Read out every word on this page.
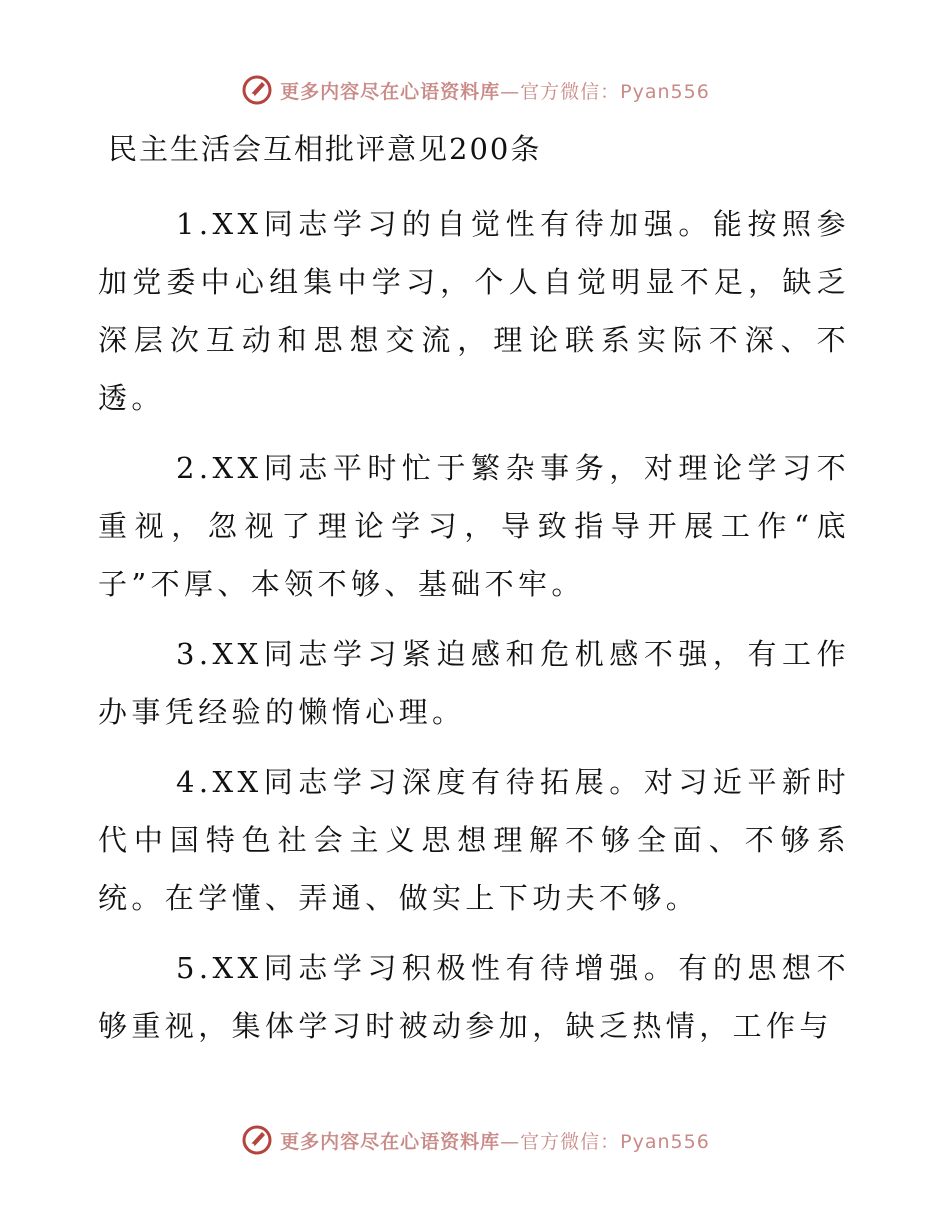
更多内容尽在心语资料库—官方微信：Pyan556
民主生活会互相批评意见200条

1.XX同志学习的自觉性有待加强。能按照参加党委中心组集中学习，个人自觉明显不足，缺乏深层次互动和思想交流，理论联系实际不深、不透。

2.XX同志平时忙于繁杂事务，对理论学习不重视，忽视了理论学习，导致指导开展工作“底子”不厚、本领不够、基础不牢。

3.XX同志学习紧迫感和危机感不强，有工作办事凭经验的懒惰心理。

4.XX同志学习深度有待拓展。对习近平新时代中国特色社会主义思想理解不够全面、不够系统。在学懂、弄通、做实上下功夫不够。

5.XX同志学习积极性有待增强。有的思想不够重视，集体学习时被动参加，缺乏热情，工作与

更多内容尽在心语资料库—官方微信：Pyan556
